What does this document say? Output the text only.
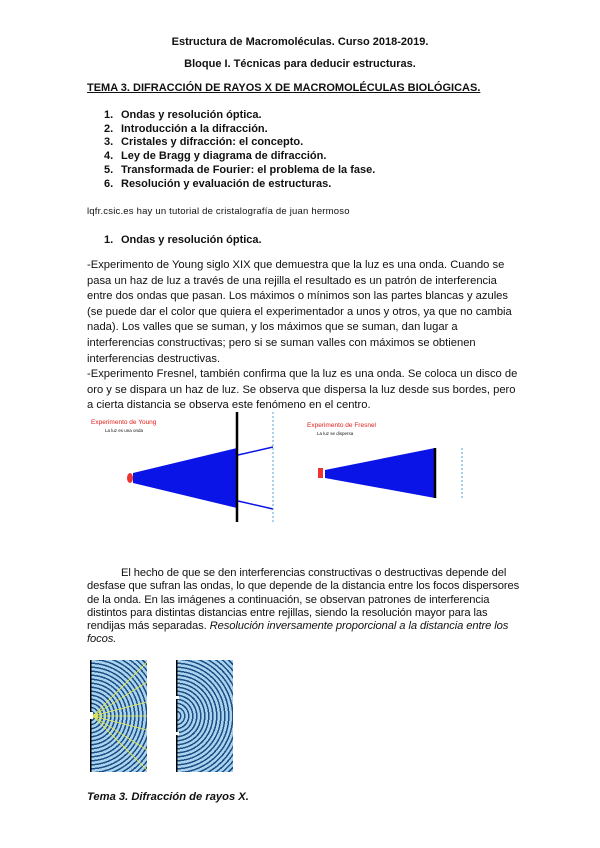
Estructura de Macromoléculas. Curso 2018-2019.
Bloque I. Técnicas para deducir estructuras.
TEMA 3. DIFRACCIÓN DE RAYOS X DE MACROMOLÉCULAS BIOLÓGICAS.
1. Ondas y resolución óptica.
2. Introducción a la difracción.
3. Cristales y difracción: el concepto.
4. Ley de Bragg y diagrama de difracción.
5. Transformada de Fourier: el problema de la fase.
6. Resolución y evaluación de estructuras.
lqfr.csic.es hay un tutorial de cristalografía de juan hermoso
1. Ondas y resolución óptica.
-Experimento de Young siglo XIX que demuestra que la luz es una onda. Cuando se pasa un haz de luz a través de una rejilla el resultado es un patrón de interferencia entre dos ondas que pasan. Los máximos o mínimos son las partes blancas y azules (se puede dar el color que quiera el experimentador a unos y otros, ya que no cambia nada). Los valles que se suman, y los máximos que se suman, dan lugar a interferencias constructivas; pero si se suman valles con máximos se obtienen interferencias destructivas.
-Experimento Fresnel, también confirma que la luz es una onda. Se coloca un disco de oro y se dispara un haz de luz. Se observa que dispersa la luz desde sus bordes, pero a cierta distancia se observa este fenómeno en el centro.
Experimento de Young
La luz es una onda
Experimento de Fresnel
La luz se dispersa
El hecho de que se den interferencias constructivas o destructivas depende del desfase que sufran las ondas, lo que depende de la distancia entre los focos dispersores de la onda. En las imágenes a continuación, se observan patrones de interferencia distintos para distintas distancias entre rejillas, siendo la resolución mayor para las rendijas más separadas. Resolución inversamente proporcional a la distancia entre los focos.
Tema 3. Difracción de rayos X.
